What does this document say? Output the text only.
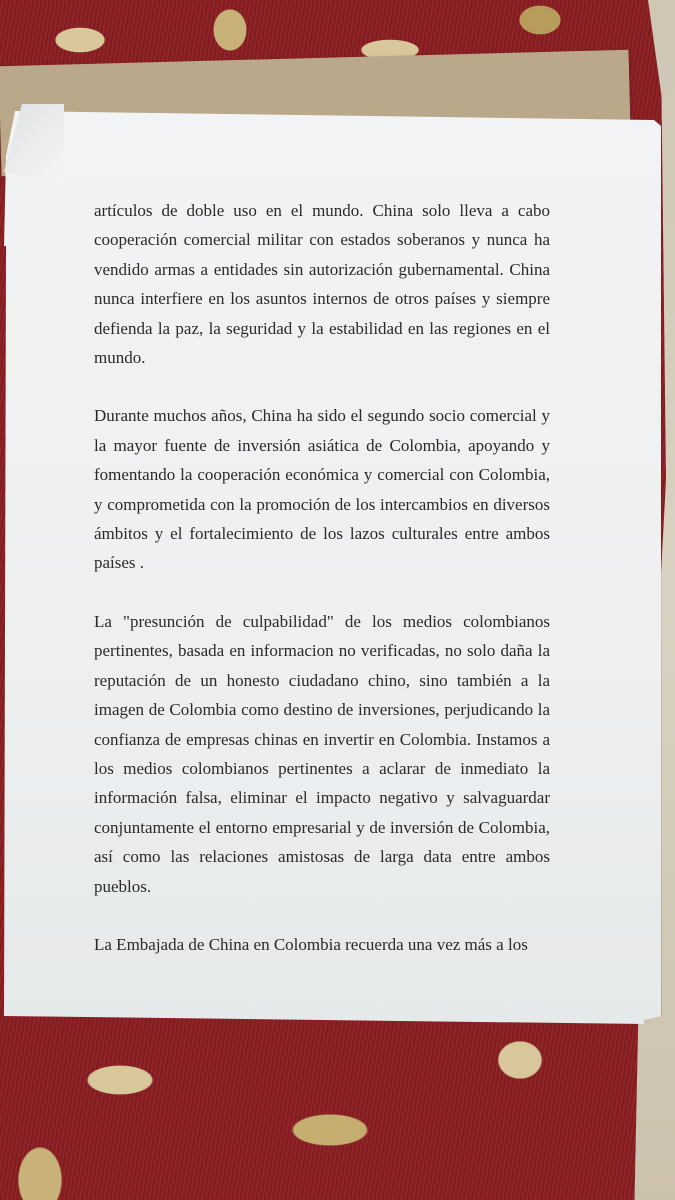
artículos de doble uso en el mundo. China solo lleva a cabo cooperación comercial militar con estados soberanos y nunca ha vendido armas a entidades sin autorización gubernamental. China nunca interfiere en los asuntos internos de otros países y siempre defienda la paz, la seguridad y la estabilidad en las regiones en el mundo.

Durante muchos años, China ha sido el segundo socio comercial y la mayor fuente de inversión asiática de Colombia, apoyando y fomentando la cooperación económica y comercial con Colombia, y comprometida con la promoción de los intercambios en diversos ámbitos y el fortalecimiento de los lazos culturales entre ambos países .

La "presunción de culpabilidad" de los medios colombianos pertinentes, basada en informacion no verificadas, no solo daña la reputación de un honesto ciudadano chino, sino también a la imagen de Colombia como destino de inversiones, perjudicando la confianza de empresas chinas en invertir en Colombia. Instamos a los medios colombianos pertinentes a aclarar de inmediato la información falsa, eliminar el impacto negativo y salvaguardar conjuntamente el entorno empresarial y de inversión de Colombia, así como las relaciones amistosas de larga data entre ambos pueblos.

La Embajada de China en Colombia recuerda una vez más a los
